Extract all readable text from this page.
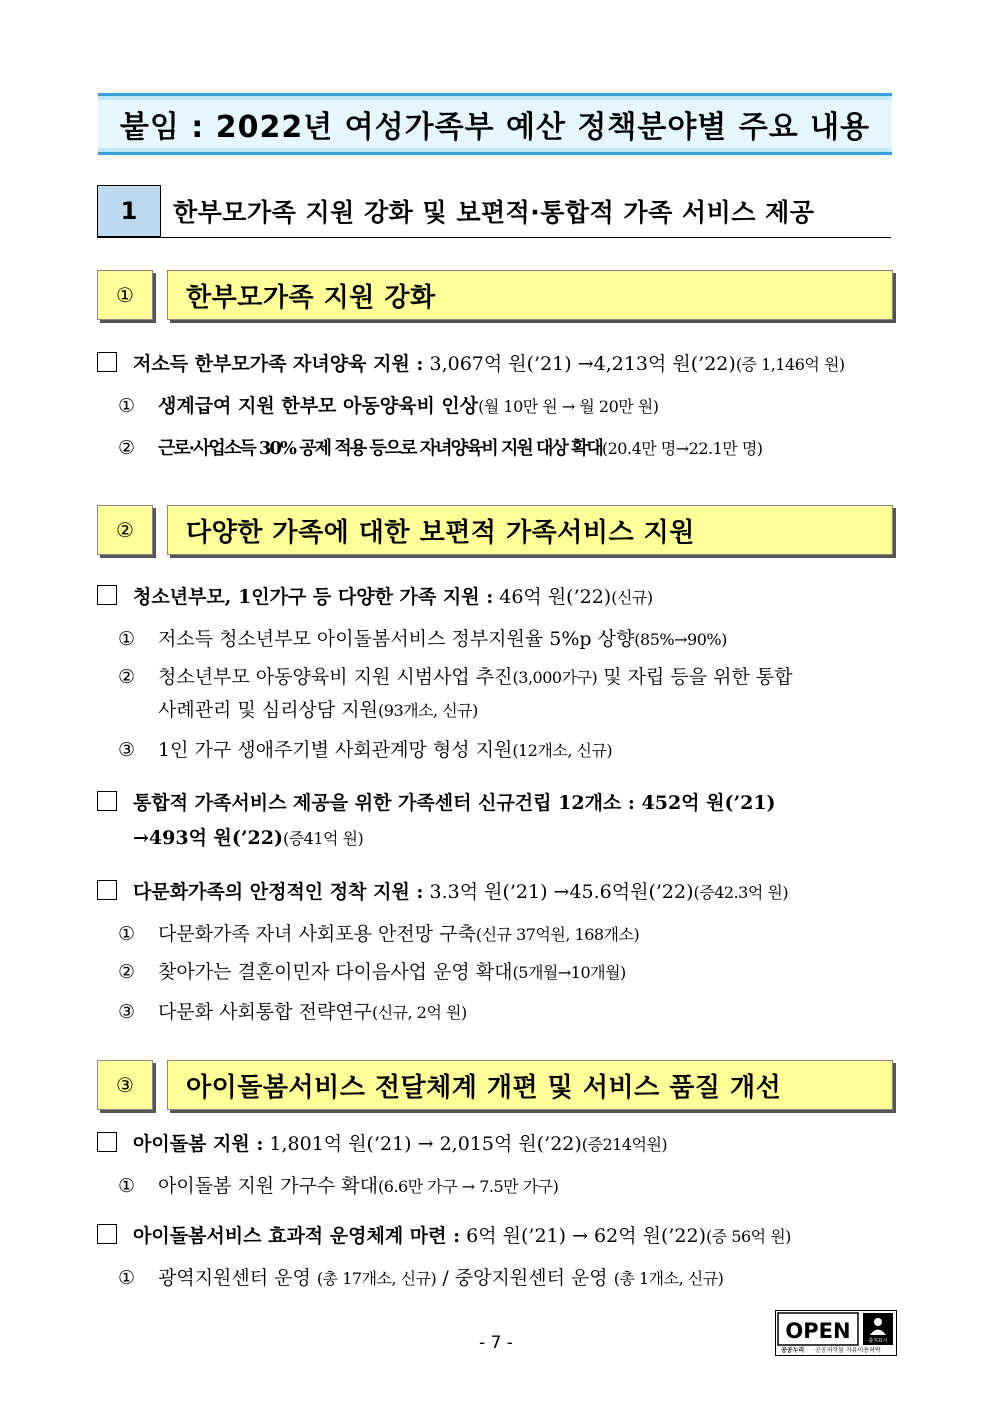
붙임 : 2022년 여성가족부 예산 정책분야별 주요 내용
1	한부모가족 지원 강화 및 보편적·통합적 가족 서비스 제공
①	한부모가족 지원 강화
저소득 한부모가족 자녀양육 지원 : 3,067억 원(’21) →4,213억 원(’22)(증 1,146억 원)
① 생계급여 지원 한부모 아동양육비 인상(월 10만 원 → 월 20만 원)
② 근로·사업소득 30% 공제 적용 등으로 자녀양육비 지원 대상 확대(20.4만 명→22.1만 명)
②	다양한 가족에 대한 보편적 가족서비스 지원
청소년부모, 1인가구 등 다양한 가족 지원 : 46억 원(’22)(신규)
① 저소득 청소년부모 아이돌봄서비스 정부지원율 5%p 상향(85%→90%)
② 청소년부모 아동양육비 지원 시범사업 추진(3,000가구) 및 자립 등을 위한 통합
사례관리 및 심리상담 지원(93개소, 신규)
③ 1인 가구 생애주기별 사회관계망 형성 지원(12개소, 신규)
통합적 가족서비스 제공을 위한 가족센터 신규건립 12개소 : 452억 원(’21)
→493억 원(’22)(증41억 원)
다문화가족의 안정적인 정착 지원 : 3.3억 원(’21) →45.6억원(’22)(증42.3억 원)
① 다문화가족 자녀 사회포용 안전망 구축(신규 37억원, 168개소)
② 찾아가는 결혼이민자 다이음사업 운영 확대(5개월→10개월)
③ 다문화 사회통합 전략연구(신규, 2억 원)
③	아이돌봄서비스 전달체계 개편 및 서비스 품질 개선
아이돌봄 지원 : 1,801억 원(’21) → 2,015억 원(’22)(증214억원)
① 아이돌봄 지원 가구수 확대(6.6만 가구 → 7.5만 가구)
아이돌봄서비스 효과적 운영체계 마련 : 6억 원(’21) → 62억 원(’22)(증 56억 원)
① 광역지원센터 운영 (총 17개소, 신규) / 중앙지원센터 운영 (총 1개소, 신규)
- 7 -	OPEN	출처표시
공공누리 공공저작물 자유이용허락
